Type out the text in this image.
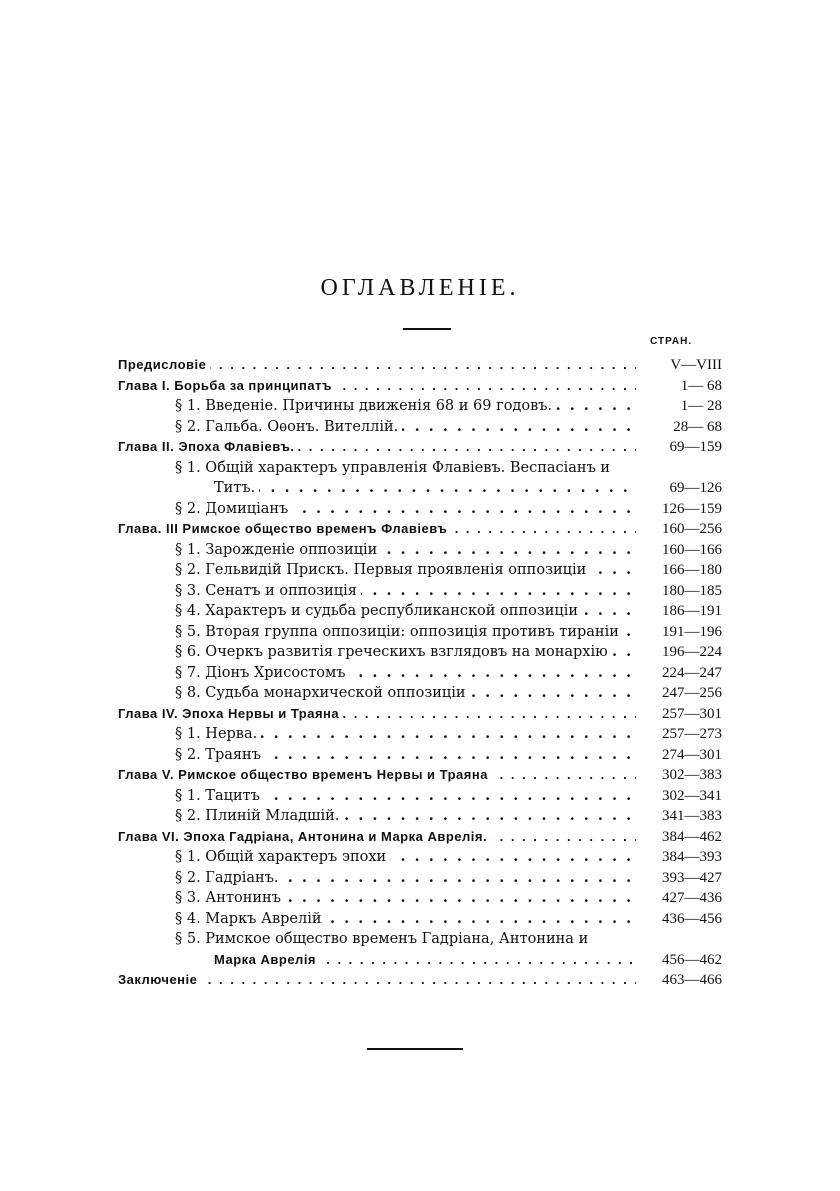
ОГЛАВЛЕНІЕ.
СТРАН.
Предисловіе . . .	V—VIII
Глава I. Борьба за принципатъ . . .	1— 68
§ 1. Введеніе. Причины движенія 68 и 69 годовъ. . . .	1— 28
§ 2. Гальба. Оѳонъ. Вителлій. . . .	28— 68
Глава II. Эпоха Флавіевъ. . . .	69—159
§ 1. Общій характеръ управленія Флавіевъ. Веспасіанъ и
Титъ. . . .	69—126
§ 2. Домиціанъ . . .	126—159
Глава. III Римское общество временъ Флавіевъ . . .	160—256
§ 1. Зарожденіе оппозиціи . . .	160—166
§ 2. Гельвидій Прискъ. Первыя проявленія оппозиціи . . .	166—180
§ 3. Сенатъ и оппозиція . . .	180—185
§ 4. Характеръ и судьба республиканской оппозиціи . . .	186—191
§ 5. Вторая группа оппозиціи: оппозиція противъ тираніи . . .	191—196
§ 6. Очеркъ развитія греческихъ взглядовъ на монархію . . .	196—224
§ 7. Діонъ Хрисостомъ . . .	224—247
§ 8. Судьба монархической оппозиціи . . .	247—256
Глава IV. Эпоха Нервы и Траяна . . .	257—301
§ 1. Нерва. . . .	257—273
§ 2. Траянъ . . .	274—301
Глава V. Римское общество временъ Нервы и Траяна . . .	302—383
§ 1. Тацитъ . . .	302—341
§ 2. Плиній Младшій. . . .	341—383
Глава VI. Эпоха Гадріана, Антонина и Марка Аврелія. . . .	384—462
§ 1. Общій характеръ эпохи . . .	384—393
§ 2. Гадріанъ. . . .	393—427
§ 3. Антонинъ . . .	427—436
§ 4. Маркъ Аврелій . . .	436—456
§ 5. Римское общество временъ Гадріана, Антонина и
Марка Аврелія . . .	456—462
Заключеніе . . .	463—466
